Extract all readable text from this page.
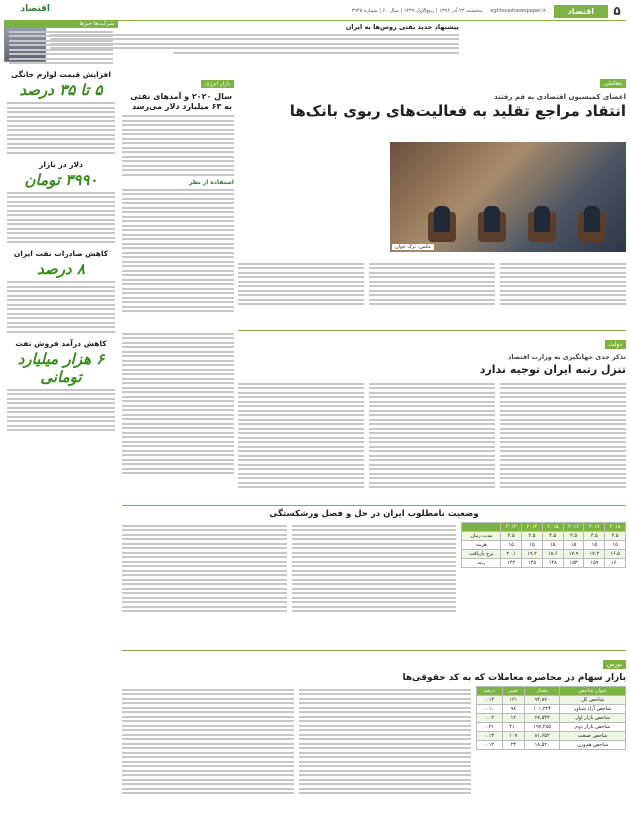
۵
اقتصاد
eghtesadnewspaper.ir
پنجشنبه ۲۳ آذر ۱۳۹۶ | ربیع‌الاول ۱۴۳۹ | سال ۶۰ | شماره ۳۹۴۵
اقتصاد
پیشنهاد جدید نفتی روس‌ها به ایران
شرکت‌ها خبرها
افزایش قیمت لوازم خانگی
۵ تا ۳۵ درصد
دلار در بازار
۳۹۹۰ تومان
کاهش صادرات نفت ایران
۸ درصد
کاهش درآمد فروش نفت
۶ هزار میلیارد تومانی
بازار انرژی
سال ۲۰۲۰ و آمدهای نفتی به ۶۳ میلیارد دلار می‌رسد
استفاده از نظر
معاملی
اعضای کمیسیون اقتصادی به قم رفتند
انتقاد مراجع تقلید به فعالیت‌های ربوی بانک‌ها
عکس: ترک جوان
دولت
تذکر جدی جهانگیری به وزارت اقتصاد
تنزل رتبه ایران توجیه ندارد
وضعیت نامطلوب ایران در حل و فصل ورشکستگی
۲۰۱۸	۲۰۱۷	۲۰۱۶	۲۰۱۵	۲۰۱۴	۲۰۱۳	
۴.۵	۴.۵	۴.۵	۴.۵	۴.۵	۴.۵	مدت زمان
۱۵	۱۵	۱۵	۱۵	۱۵	۱۵	هزینه
۱۶.۵	۱۷.۲	۱۷.۹	۱۸.۶	۱۹.۲	۲۰.۱	نرخ بازیافت
۱۶۰	۱۵۹	۱۵۳	۱۴۸	۱۴۵	۱۴۲	رتبه
بورس
بازار سهام در محاصره معاملات که به کد حقوقی‌ها
عنوان شاخص	مقدار	تغییر	درصد
شاخص کل	۹۴,۸۷۰	۱۲۱	۰.۱۳
شاخص آزاد شناور	۱۰۱,۲۲۴	۹۸	۰.۱۰
شاخص بازار اول	۶۷,۵۴۳	۱۲	۰.۰۲
شاخص بازار دوم	۱۹۷,۲۸۵	۴۱۰	۰.۲۱
شاخص صنعت	۸۱,۶۵۲	۱۰۷	۰.۱۳
شاخص هم‌وزن	۱۸,۵۲۰	۲۳	۰.۱۲
